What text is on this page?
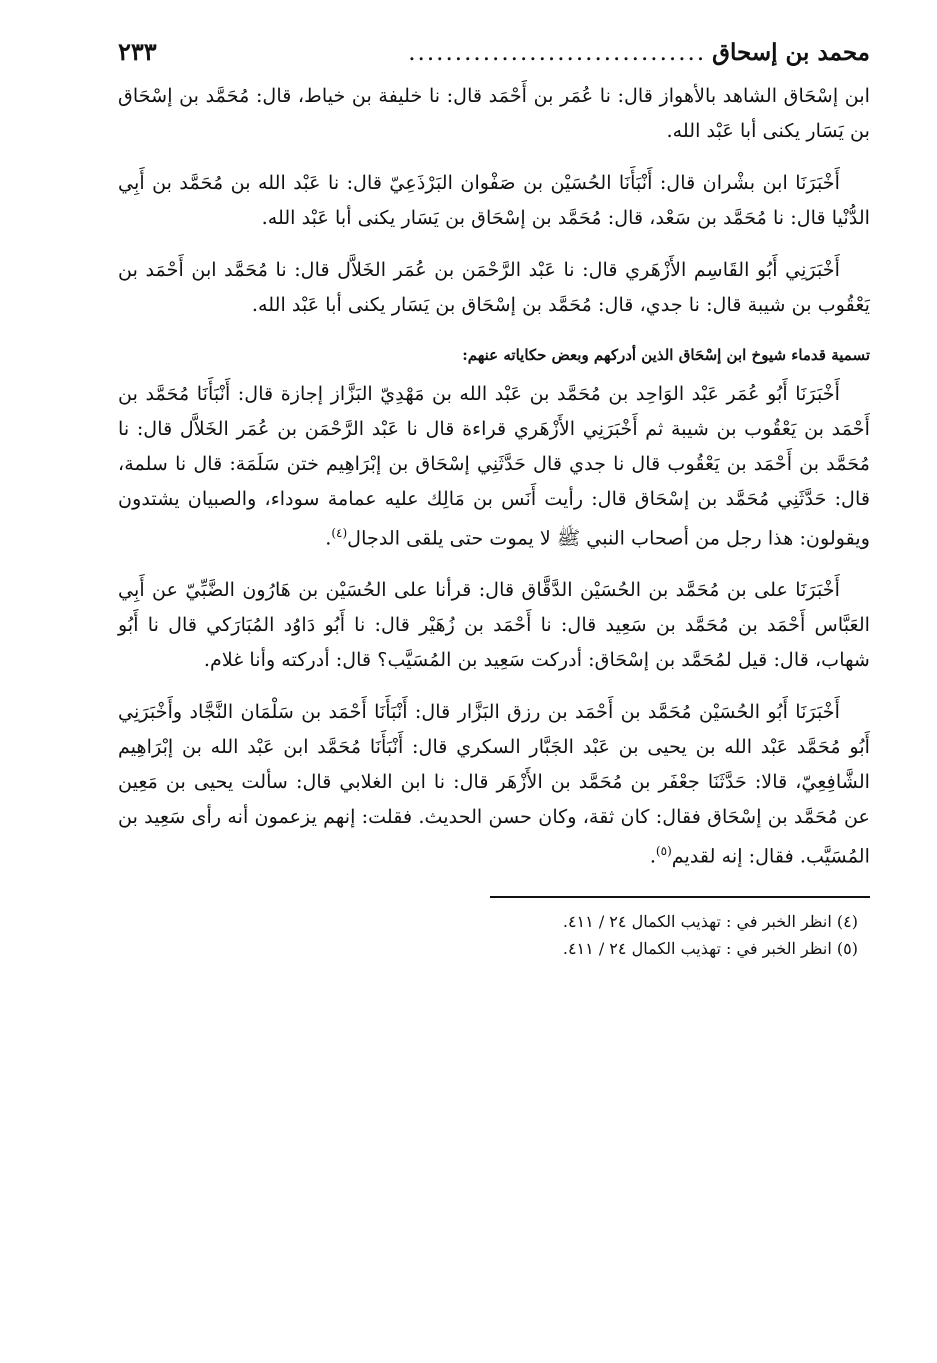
محمد بن إسحاق
................................
٢٣٣

ابن إسْحَاق الشاهد بالأهواز قال: نا عُمَر بن أَحْمَد قال: نا خليفة بن خياط، قال: مُحَمَّد بن إسْحَاق بن يَسَار يكنى أبا عَبْد الله.

أَخْبَرَنَا ابن بشْران قال: أَنْبَأَنَا الحُسَيْن بن صَفْوان البَرْذَعِيّ قال: نا عَبْد الله بن مُحَمَّد بن أَبِي الدُّنْيا قال: نا مُحَمَّد بن سَعْد، قال: مُحَمَّد بن إسْحَاق بن يَسَار يكنى أبا عَبْد الله.

أَخْبَرَنِي أَبُو القَاسِم الأَزْهَري قال: نا عَبْد الرَّحْمَن بن عُمَر الخَلاَّل قال: نا مُحَمَّد ابن أَحْمَد بن يَعْقُوب بن شيبة قال: نا جدي، قال: مُحَمَّد بن إسْحَاق بن يَسَار يكنى أبا عَبْد الله.

تسمية قدماء شيوخ ابن إسْحَاق الذين أدركهم وبعض حكاياته عنهم:

أَخْبَرَنَا أَبُو عُمَر عَبْد الوَاحِد بن مُحَمَّد بن عَبْد الله بن مَهْدِيّ البَزَّاز إجازة قال: أَنْبَأَنَا مُحَمَّد بن أَحْمَد بن يَعْقُوب بن شيبة ثم أَخْبَرَنِي الأَزْهَري قراءة قال نا عَبْد الرَّحْمَن بن عُمَر الخَلاَّل قال: نا مُحَمَّد بن أَحْمَد بن يَعْقُوب قال نا جدي قال حَدَّثَنِي إسْحَاق بن إبْرَاهِيم ختن سَلَمَة: قال نا سلمة، قال: حَدَّثَنِي مُحَمَّد بن إسْحَاق قال: رأيت أَنَس بن مَالِك عليه عمامة سوداء، والصبيان يشتدون ويقولون: هذا رجل من أصحاب النبي ﷺ لا يموت حتى يلقى الدجال$^{(٤)}$.

أَخْبَرَنَا على بن مُحَمَّد بن الحُسَيْن الدَّقَّاق قال: قرأنا على الحُسَيْن بن هَارُون الضَّبِّيّ عن أَبِي العَبَّاس أَحْمَد بن مُحَمَّد بن سَعِيد قال: نا أَحْمَد بن زُهَيْر قال: نا أَبُو دَاوُد المُبَارَكي قال نا أَبُو شهاب، قال: قيل لمُحَمَّد بن إسْحَاق: أدركت سَعِيد بن المُسَيَّب؟ قال: أدركته وأنا غلام.

أَخْبَرَنَا أَبُو الحُسَيْن مُحَمَّد بن أَحْمَد بن رزق البَزَّار قال: أَنْبَأَنَا أَحْمَد بن سَلْمَان النَّجَّاد وأَخْبَرَنِي أَبُو مُحَمَّد عَبْد الله بن يحيى بن عَبْد الجَبَّار السكري قال: أَنْبَأَنَا مُحَمَّد ابن عَبْد الله بن إبْرَاهِيم الشَّافِعِيّ، قالا: حَدَّثَنَا جعْفَر بن مُحَمَّد بن الأَزْهَر قال: نا ابن الغلابي قال: سألت يحيى بن مَعِين عن مُحَمَّد بن إسْحَاق فقال: كان ثقة، وكان حسن الحديث. فقلت: إنهم يزعمون أنه رأى سَعِيد بن المُسَيَّب. فقال: إنه لقديم$^{(٥)}$.

(٤) انظر الخبر في : تهذيب الكمال ٢٤ / ٤١١.
(٥) انظر الخبر في : تهذيب الكمال ٢٤ / ٤١١.
